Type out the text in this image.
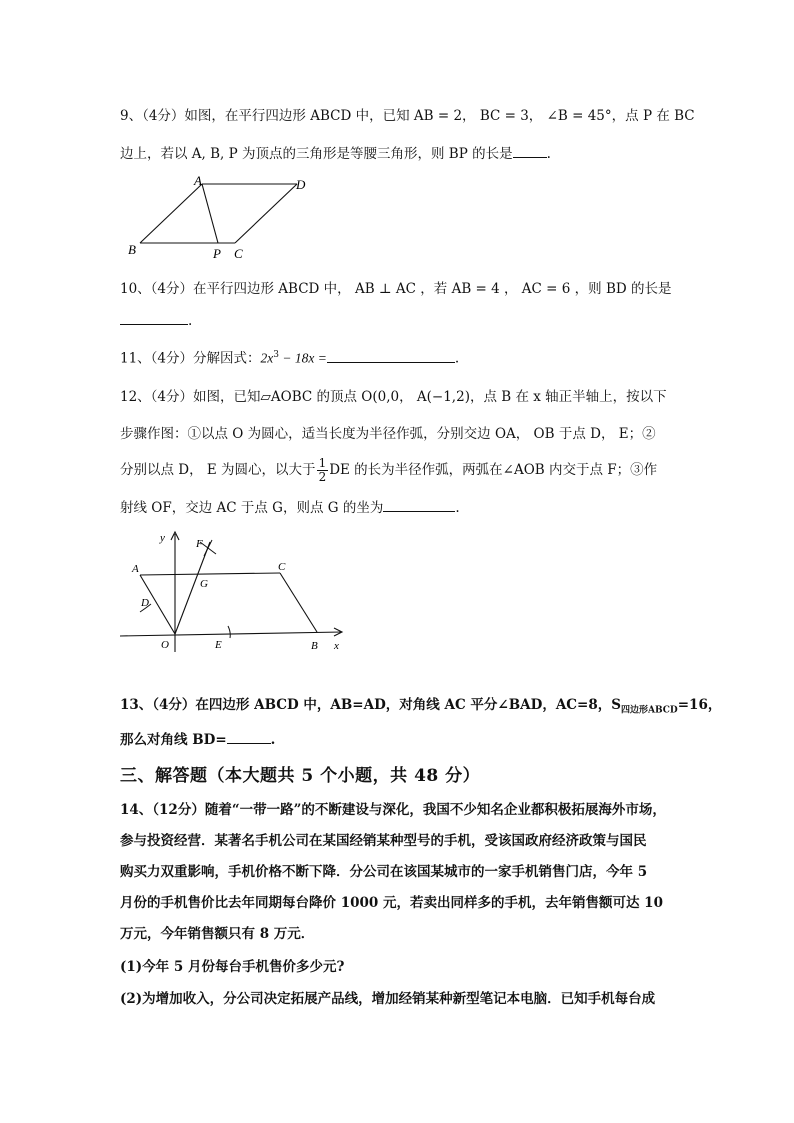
9、（4分）如图，在平行四边形 ABCD 中，已知 AB = 2， BC = 3， ∠B = 45°，点 P 在 BC
边上，若以 A, B, P 为顶点的三角形是等腰三角形，则 BP 的长是	.
A	D
B	P C
10、（4分）在平行四边形 ABCD 中， AB ⊥ AC ，若 AB = 4 ， AC = 6 ，则 BD 的长是
.
11、（4分）分解因式：$2x^3 - 18x$ =	.
12、（4分）如图，已知▱AOBC 的顶点 O(0,0， A(−1,2)，点 B 在 x 轴正半轴上，按以下
步骤作图：①以点 O 为圆心，适当长度为半径作弧，分别交边 OA， OB 于点 D， E；②
分别以点 D， E 为圆心，以大于 $\frac{1}{2}$ DE 的长为半径作弧，两弧在∠AOB 内交于点 F；③作
射线 OF，交边 AC 于点 G，则点 G 的坐为	.
y
x
F
A	C
G
D
O	E	B
13、（4分）在四边形 ABCD 中，AB=AD，对角线 AC 平分∠BAD，AC=8，$S_{四边形ABCD}=16$，
那么对角线 BD=	.
三、解答题（本大题共 5 个小题，共 48 分）
14、（12分）随着“一带一路”的不断建设与深化，我国不少知名企业都积极拓展海外市场，
参与投资经营．某著名手机公司在某国经销某种型号的手机，受该国政府经济政策与国民
购买力双重影响，手机价格不断下降．分公司在该国某城市的一家手机销售门店，今年 5
月份的手机售价比去年同期每台降价 1000 元，若卖出同样多的手机，去年销售额可达 10
万元，今年销售额只有 8 万元．
(1)今年 5 月份每台手机售价多少元?
(2)为增加收入，分公司决定拓展产品线，增加经销某种新型笔记本电脑．已知手机每台成
